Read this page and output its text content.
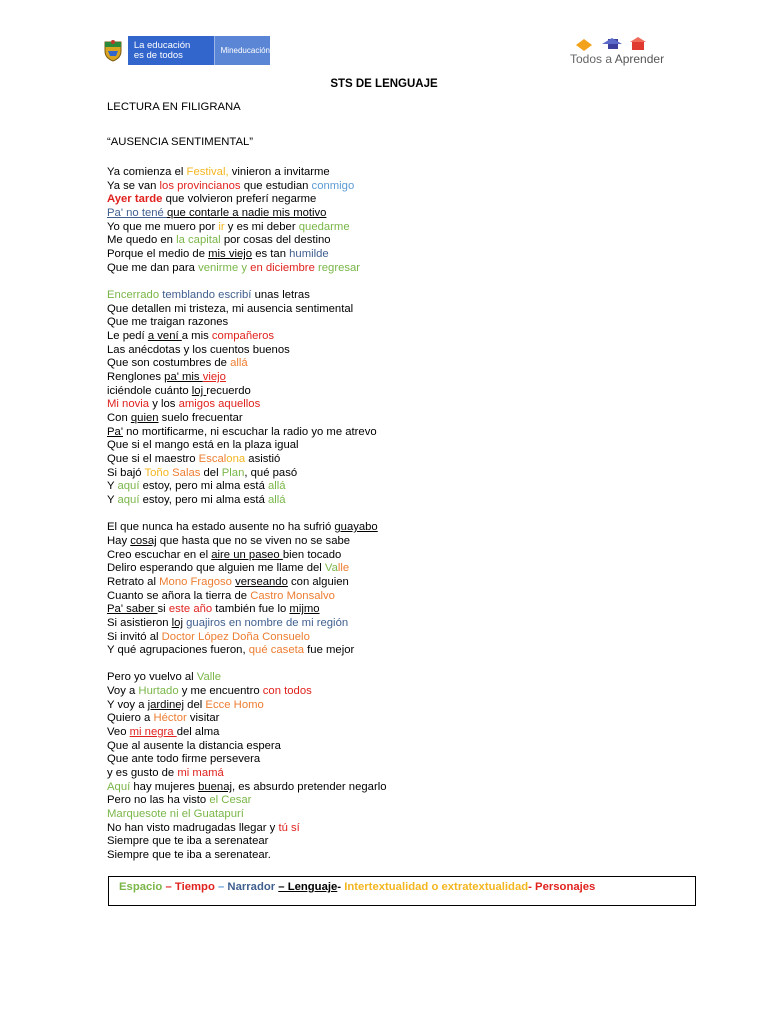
La educación
es de todos	Mineducación
Todos a Aprender
STS DE LENGUAJE
LECTURA EN FILIGRANA
“AUSENCIA SENTIMENTAL”
Ya comienza el Festival, vinieron a invitarme
Ya se van los provincianos que estudian conmigo
Ayer tarde que volvieron preferí negarme
Pa' no tené que contarle a nadie mis motivo
Yo que me muero por ir y es mi deber quedarme
Me quedo en la capital por cosas del destino
Porque el medio de mis viejo es tan humilde
Que me dan para venirme y en diciembre regresar
Encerrado temblando escribí unas letras
Que detallen mi tristeza, mi ausencia sentimental
Que me traigan razones
Le pedí a vení a mis compañeros
Las anécdotas y los cuentos buenos
Que son costumbres de allá
Renglones pa' mis viejo
iciéndole cuánto loj recuerdo
Mi novia y los amigos aquellos
Con quien suelo frecuentar
Pa' no mortificarme, ni escuchar la radio yo me atrevo
Que si el mango está en la plaza igual
Que si el maestro Escalona asistió
Si bajó Toño Salas del Plan, qué pasó
Y aquí estoy, pero mi alma está allá
Y aquí estoy, pero mi alma está allá
El que nunca ha estado ausente no ha sufrió guayabo
Hay cosaj que hasta que no se viven no se sabe
Creo escuchar en el aire un paseo bien tocado
Deliro esperando que alguien me llame del Valle
Retrato al Mono Fragoso verseando con alguien
Cuanto se añora la tierra de Castro Monsalvo
Pa' saber si este año también fue lo mijmo
Si asistieron loj guajiros en nombre de mi región
Si invitó al Doctor López Doña Consuelo
Y qué agrupaciones fueron, qué caseta fue mejor
Pero yo vuelvo al Valle
Voy a Hurtado y me encuentro con todos
Y voy a jardinej del Ecce Homo
Quiero a Héctor visitar
Veo mi negra del alma
Que al ausente la distancia espera
Que ante todo firme persevera
y es gusto de mi mamá
Aquí hay mujeres buenaj, es absurdo pretender negarlo
Pero no las ha visto el Cesar
Marquesote ni el Guatapurí
No han visto madrugadas llegar y tú sí
Siempre que te iba a serenatear
Siempre que te iba a serenatear.
Espacio – Tiempo – Narrador – Lenguaje- Intertextualidad o extratextualidad- Personajes
